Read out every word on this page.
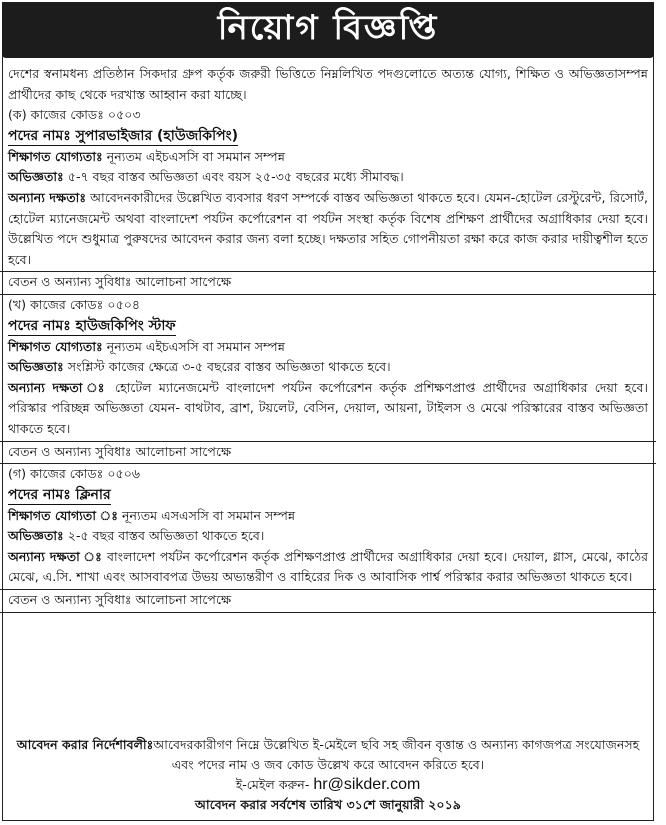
নিয়োগ বিজ্ঞপ্তি

দেশের স্বনামধন্য প্রতিষ্ঠান সিকদার গ্রুপ কর্তৃক জরুরী ভিত্তিতে নিম্নলিখিত পদগুলোতে অত্যন্ত যোগ্য, শিক্ষিত ও অভিজ্ঞতাসম্পন্ন প্রার্থীদের কাছ থেকে দরখাস্ত আহ্বান করা যাচ্ছে।

(ক) কাজের কোডঃ ০৫০৩

পদের নামঃ সুপারভাইজার (হাউজকিপিং)

শিক্ষাগত যোগ্যতাঃ নূন্যতম এইচএসসি বা সমমান সম্পন্ন

অভিজ্ঞতাঃ ৫-৭ বছর বাস্তব অভিজ্ঞতা এবং বয়স ২৫-৩৫ বছরের মধ্যে সীমাবদ্ধ।

অন্যান্য দক্ষতাঃ আবেদনকারীদের উল্লেখিত ব্যবসার ধরণ সম্পর্কে বাস্তব অভিজ্ঞতা থাকতে হবে। যেমন-হোটেল রেস্টুরেন্ট, রিসোর্ট, হোটেল ম্যানেজমেন্ট অথবা বাংলাদেশ পর্যটন কর্পোরেশন বা পর্যটন সংস্থা কর্তৃক বিশেষ প্রশিক্ষণ প্রার্থীদের অগ্রাধিকার দেয়া হবে। উল্লেখিত পদে শুধুমাত্র পুরুষদের আবেদন করার জন্য বলা হচ্ছে। দক্ষতার সহিত গোপনীয়তা রক্ষা করে কাজ করার দায়ীত্বশীল হতে হবে।

বেতন ও অন্যান্য সুবিধাঃ আলোচনা সাপেক্ষে

(খ) কাজের কোডঃ ০৫০৪

পদের নামঃ হাউজকিপিং স্টাফ

শিক্ষাগত যোগ্যতাঃ নূন্যতম এইচএসসি বা সমমান সম্পন্ন

অভিজ্ঞতাঃ সংশ্লিস্ট কাজের ক্ষেত্রে ৩-৫ বছরের বাস্তব অভিজ্ঞতা থাকতে হবে।

অন্যান্য দক্ষতা ঃ হোটেল ম্যানেজমেন্ট বাংলাদেশ পর্যটন কর্পোরেশন কর্তৃক প্রশিক্ষণপ্রাপ্ত প্রার্থীদের অগ্রাধিকার দেয়া হবে। পরিস্কার পরিচ্ছন্ন অভিজ্ঞতা যেমন- বাথটাব, ব্রাশ, টয়লেট, বেসিন, দেয়াল, আয়না, টাইলস ও মেঝে পরিস্কারের বাস্তব অভিজ্ঞতা থাকতে হবে।

বেতন ও অন্যান্য সুবিধাঃ আলোচনা সাপেক্ষে

(গ) কাজের কোডঃ ০৫০৬

পদের নামঃ ক্লিনার

শিক্ষাগত যোগ্যতা ঃ নূন্যতম এসএসসি বা সমমান সম্পন্ন

অভিজ্ঞতাঃ ২-৫ বছর বাস্তব অভিজ্ঞতা থাকতে হবে।

অন্যান্য দক্ষতা ঃ বাংলাদেশ পর্যটন কর্পোরেশন কর্তৃক প্রশিক্ষণপ্রাপ্ত প্রার্থীদের অগ্রাধিকার দেয়া হবে। দেয়াল, গ্লাস, মেঝে, কাঠের মেঝে, এ.সি. শাখা এবং আসবাবপত্র উভয় অভ্যন্তরীণ ও বাহিরের দিক ও আবাসিক পার্শ্ব পরিস্কার করার অভিজ্ঞতা থাকতে হবে।

বেতন ও অন্যান্য সুবিধাঃ আলোচনা সাপেক্ষে

আবেদন করার নির্দেশাবলীঃআবেদরকারীগণ নিম্নে উল্লেখিত ই-মেইলে ছবি সহ জীবন বৃত্তান্ত ও অন্যান্য কাগজপত্র সংযোজনসহ এবং পদের নাম ও জব কোড উল্লেখ করে আবেদন করিতে হবে।

ই-মেইল করুন- hr@sikder.com
আবেদন করার সর্বশেষ তারিখ ৩১শে জানুয়ারী ২০১৯
